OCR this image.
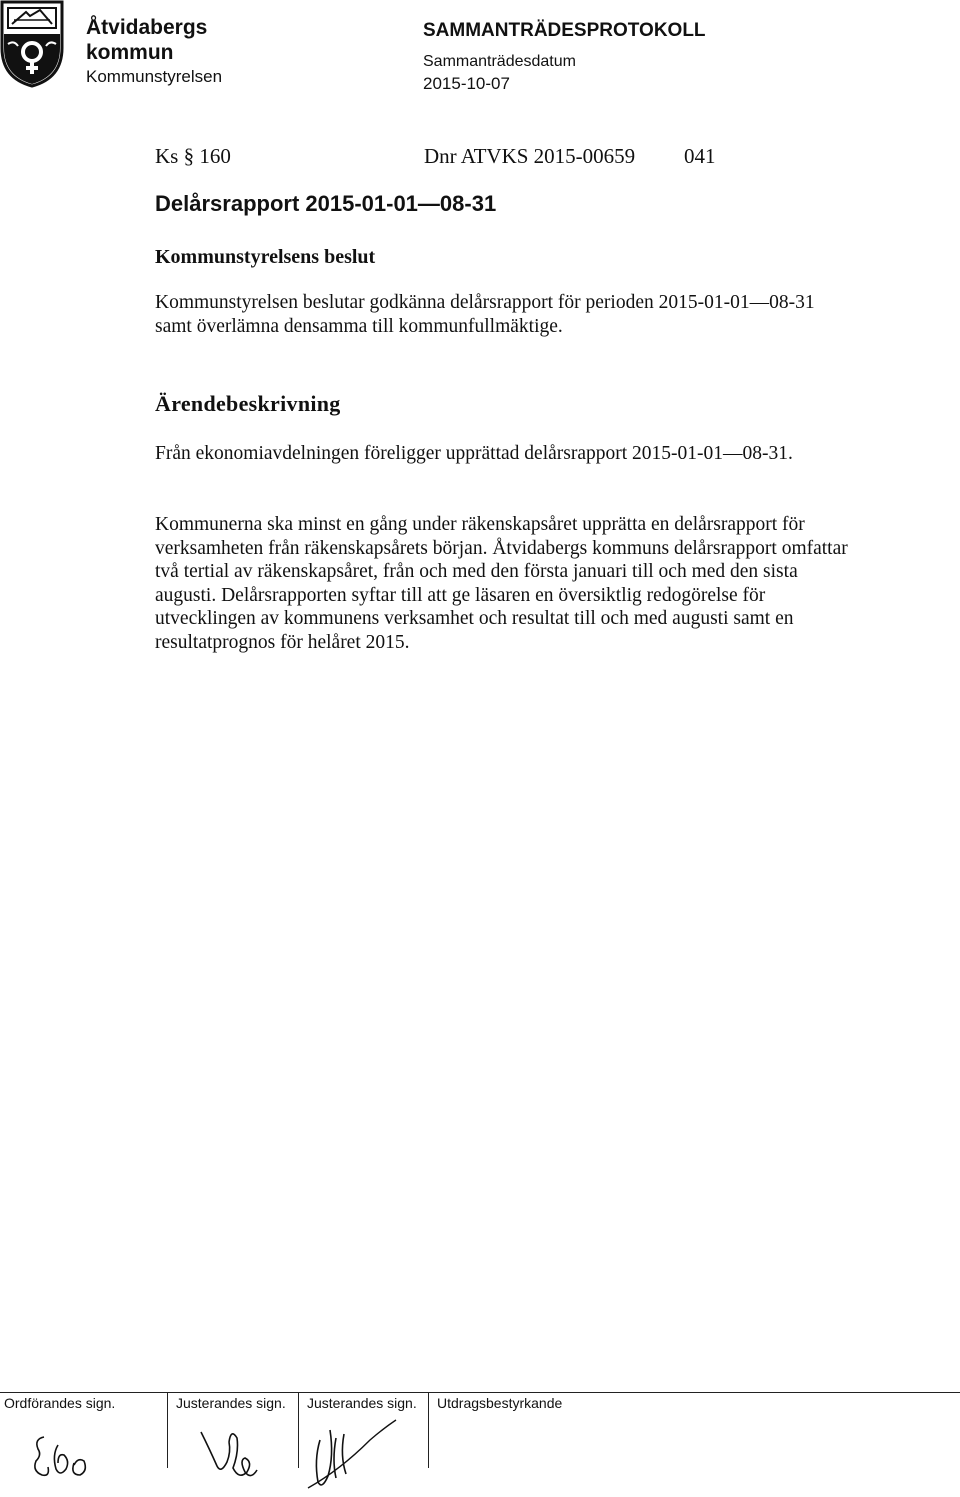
Åtvidabergs
kommun
Kommunstyrelsen
SAMMANTRÄDESPROTOKOLL
Sammanträdesdatum
2015-10-07
Ks § 160	Dnr ATVKS 2015-00659 041
Delårsrapport 2015-01-01—08-31
Kommunstyrelsens beslut
Kommunstyrelsen beslutar godkänna delårsrapport för perioden 2015-01-01—08-31 samt överlämna densamma till kommunfullmäktige.
Ärendebeskrivning
Från ekonomiavdelningen föreligger upprättad delårsrapport 2015-01-01—08-31.
Kommunerna ska minst en gång under räkenskapsåret upprätta en delårsrapport för verksamheten från räkenskapsårets början. Åtvidabergs kommuns delårsrapport omfattar två tertial av räkenskapsåret, från och med den första januari till och med den sista augusti. Delårsrapporten syftar till att ge läsaren en översiktlig redogörelse för utvecklingen av kommunens verksamhet och resultat till och med augusti samt en resultatprognos för helåret 2015.
Ordförandes sign.	Justerandes sign. Justerandes sign. Utdragsbestyrkande
